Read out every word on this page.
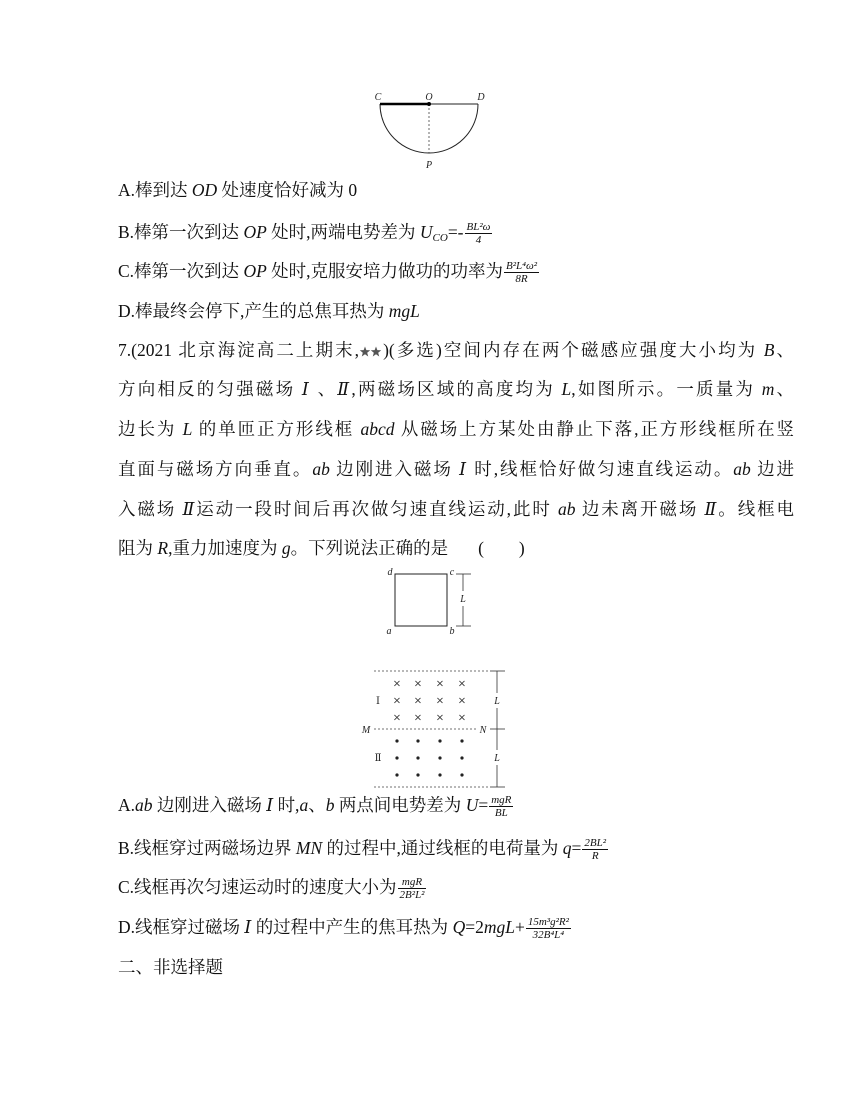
C	O	D
P
d	c
a	b
L
M	N
Ⅰ
Ⅱ
L
L
× × × ×
× × × ×
× × × ×
A.棒到达 OD 处速度恰好减为 0
B.棒第一次到达 OP 处时,两端电势差为 $UCO=- \frac{\text{BL²ω}}{4}$
C.棒第一次到达 OP 处时,克服安培力做功的功率为 $\frac{\text{B²L⁴ω²}}{8R}$
D.棒最终会停下,产生的总焦耳热为 mgL
7.(2021 北京海淀高二上期末, )(多选)空间内存在两个磁感应强度大小均为 B、
方向相反的匀强磁场 Ⅰ 、Ⅱ,两磁场区域的高度均为 L,如图所示。一质量为 m、
边长为 L 的单匝正方形线框 abcd 从磁场上方某处由静止下落,正方形线框所在竖
直面与磁场方向垂直。ab 边刚进入磁场 Ⅰ 时,线框恰好做匀速直线运动。ab 边进
入磁场 Ⅱ运动一段时间后再次做匀速直线运动,此时 ab 边未离开磁场 Ⅱ。线框电
阻为 R,重力加速度为 g。下列说法正确的是 (　　)
A.ab 边刚进入磁场 Ⅰ 时,a、b 两点间电势差为 $U= \frac{\text{mgR}}{BL}$
B.线框穿过两磁场边界 MN 的过程中,通过线框的电荷量为 $q= \frac{\text{2BL²}}{R}$
C.线框再次匀速运动时的速度大小为 $\frac{\text{mgR}}{\text{2B²L²}}$
D.线框穿过磁场 Ⅰ 的过程中产生的焦耳热为 $Q=2mgL+ \frac{\text{15m³g²R²}}{\text{32B⁴L⁴}}$
二、非选择题
